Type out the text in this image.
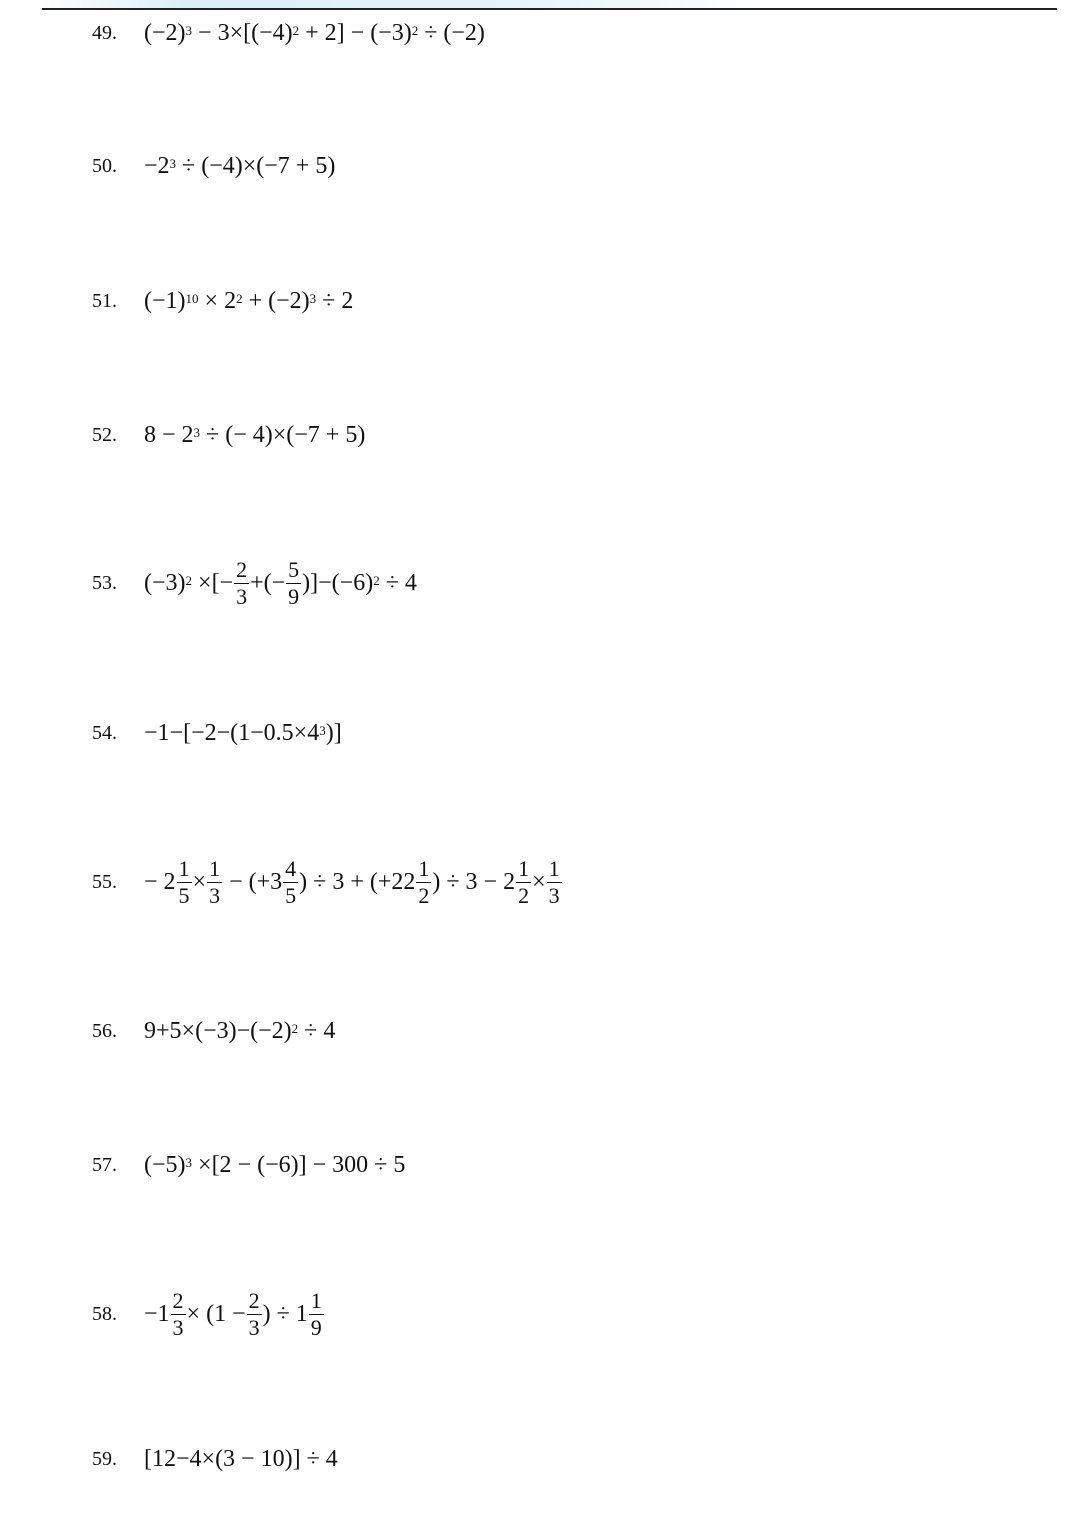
49.	(−2) 3 − 3×[(−4) 2 + 2] − (−3) 2 ÷ (−2)
50.	−2 3 ÷ (−4)×(−7 + 5)
51.	(−1) 10 × 2 2 + (−2) 3 ÷ 2
52.	8 − 2 3 ÷ (− 4)×(−7 + 5)
53.	(−3) 2 ×[− $\frac{2}{3}$ +(− $\frac{5}{9} )]-(-6)$ 2 ÷ 4
54.	−1−[−2−(1−0.5×4 3 )]
55.	− $2 \frac{1}{5} \times \frac{1}{3} - (+3 \frac{4}{5}$ ) ÷ $3 + (+22 \frac{1}{2}$ ) ÷ $3 - 2 \frac{1}{2} \times \frac{1}{3}$
56.	9+5×(−3)−(−2) 2 ÷ 4
57.	(−5) 3 ×[2 − (−6)] − 300 ÷ 5
58.	$-1 \frac{2}{3} \times (1 - \frac{2}{3}$ ) ÷ $1 \frac{1}{9}$
59.	[12−4×(3 − 10)] ÷ 4
